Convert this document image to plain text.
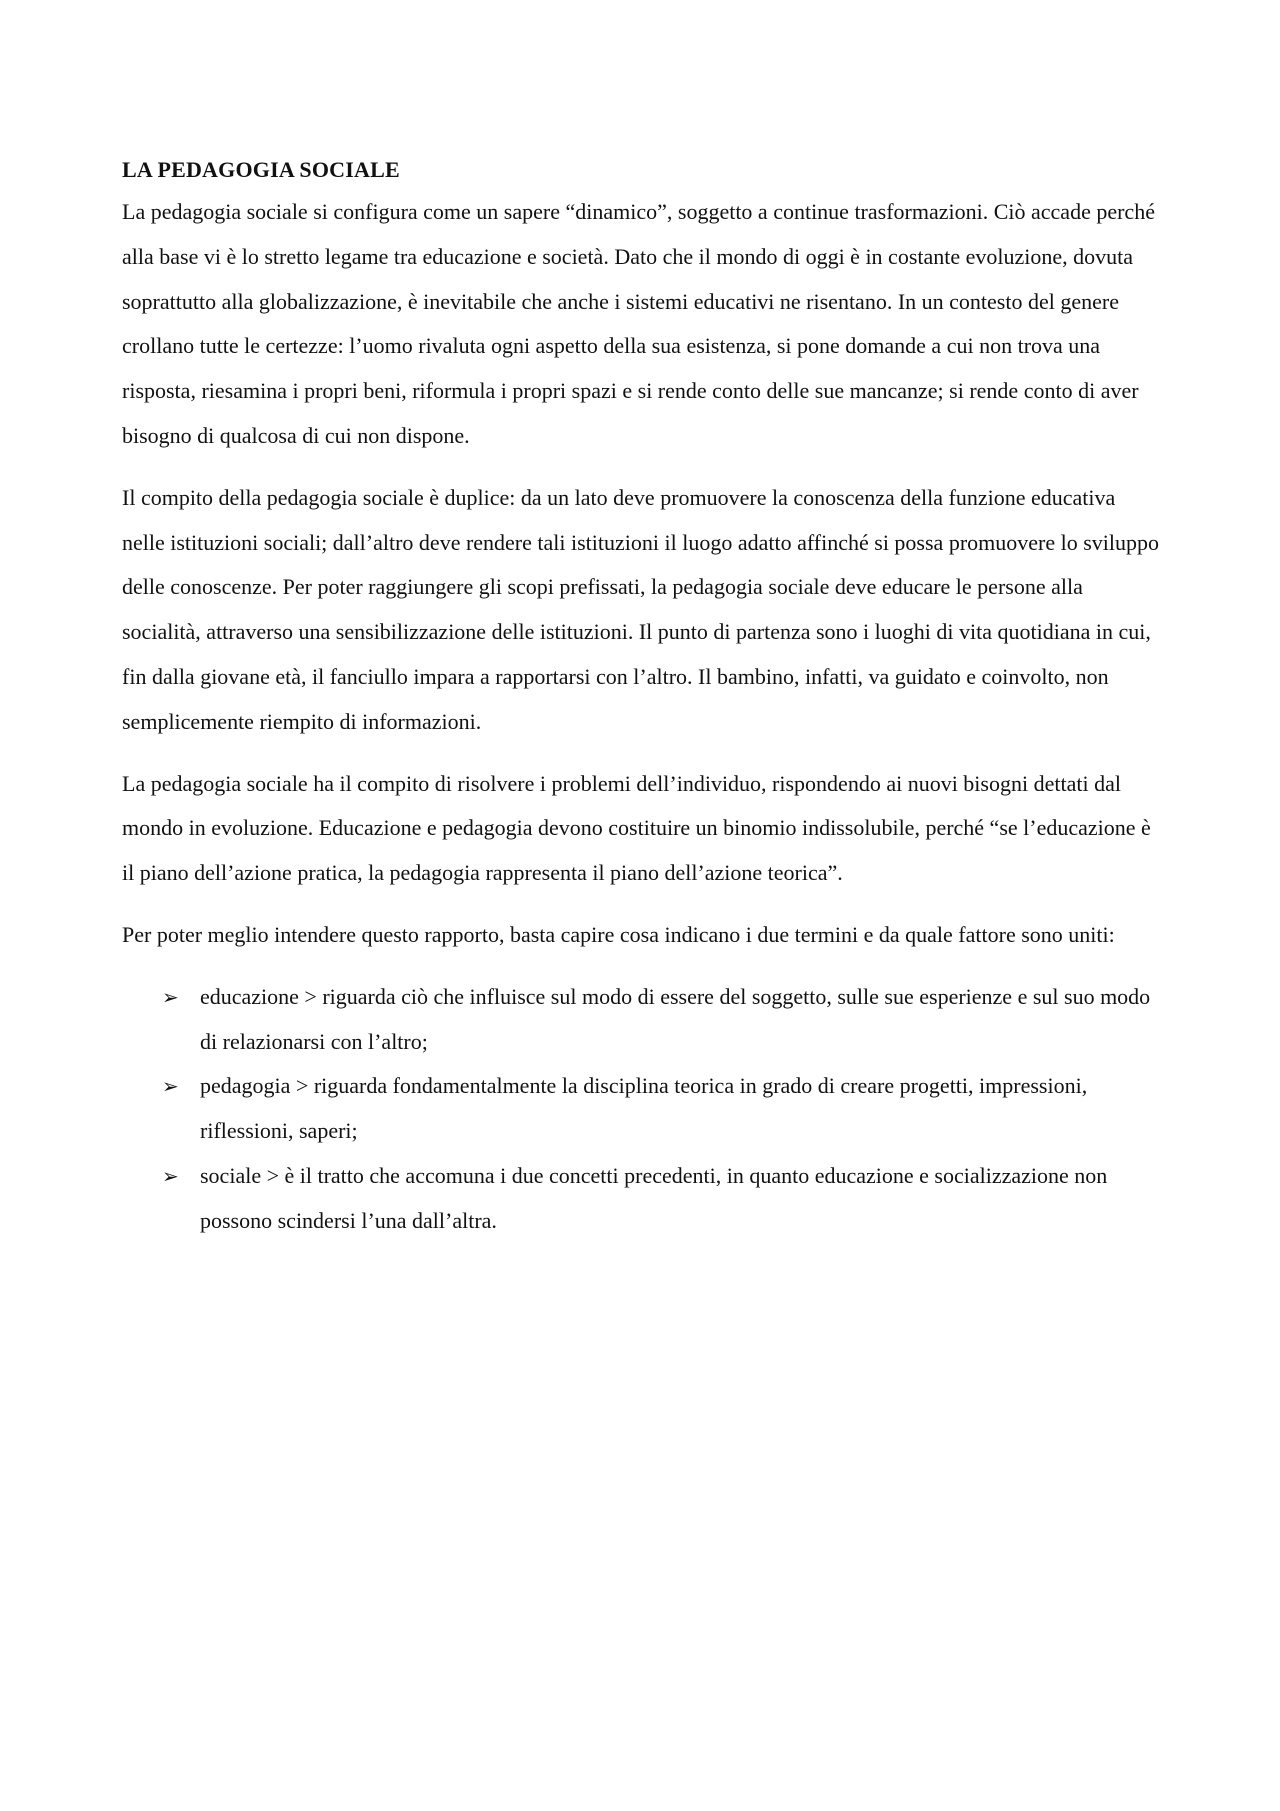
LA PEDAGOGIA SOCIALE

La pedagogia sociale si configura come un sapere “dinamico”, soggetto a continue trasformazioni. Ciò accade perché alla base vi è lo stretto legame tra educazione e società. Dato che il mondo di oggi è in costante evoluzione, dovuta soprattutto alla globalizzazione, è inevitabile che anche i sistemi educativi ne risentano. In un contesto del genere crollano tutte le certezze: l’uomo rivaluta ogni aspetto della sua esistenza, si pone domande a cui non trova una risposta, riesamina i propri beni, riformula i propri spazi e si rende conto delle sue mancanze; si rende conto di aver bisogno di qualcosa di cui non dispone.

Il compito della pedagogia sociale è duplice: da un lato deve promuovere la conoscenza della funzione educativa nelle istituzioni sociali; dall’altro deve rendere tali istituzioni il luogo adatto affinché si possa promuovere lo sviluppo delle conoscenze. Per poter raggiungere gli scopi prefissati, la pedagogia sociale deve educare le persone alla socialità, attraverso una sensibilizzazione delle istituzioni. Il punto di partenza sono i luoghi di vita quotidiana in cui, fin dalla giovane età, il fanciullo impara a rapportarsi con l’altro. Il bambino, infatti, va guidato e coinvolto, non semplicemente riempito di informazioni.

La pedagogia sociale ha il compito di risolvere i problemi dell’individuo, rispondendo ai nuovi bisogni dettati dal mondo in evoluzione. Educazione e pedagogia devono costituire un binomio indissolubile, perché “se l’educazione è il piano dell’azione pratica, la pedagogia rappresenta il piano dell’azione teorica”.

Per poter meglio intendere questo rapporto, basta capire cosa indicano i due termini e da quale fattore sono uniti:

➢ educazione > riguarda ciò che influisce sul modo di essere del soggetto, sulle sue esperienze e sul suo modo di relazionarsi con l’altro;
➢ pedagogia > riguarda fondamentalmente la disciplina teorica in grado di creare progetti, impressioni, riflessioni, saperi;
➢ sociale > è il tratto che accomuna i due concetti precedenti, in quanto educazione e socializzazione non possono scindersi l’una dall’altra.
